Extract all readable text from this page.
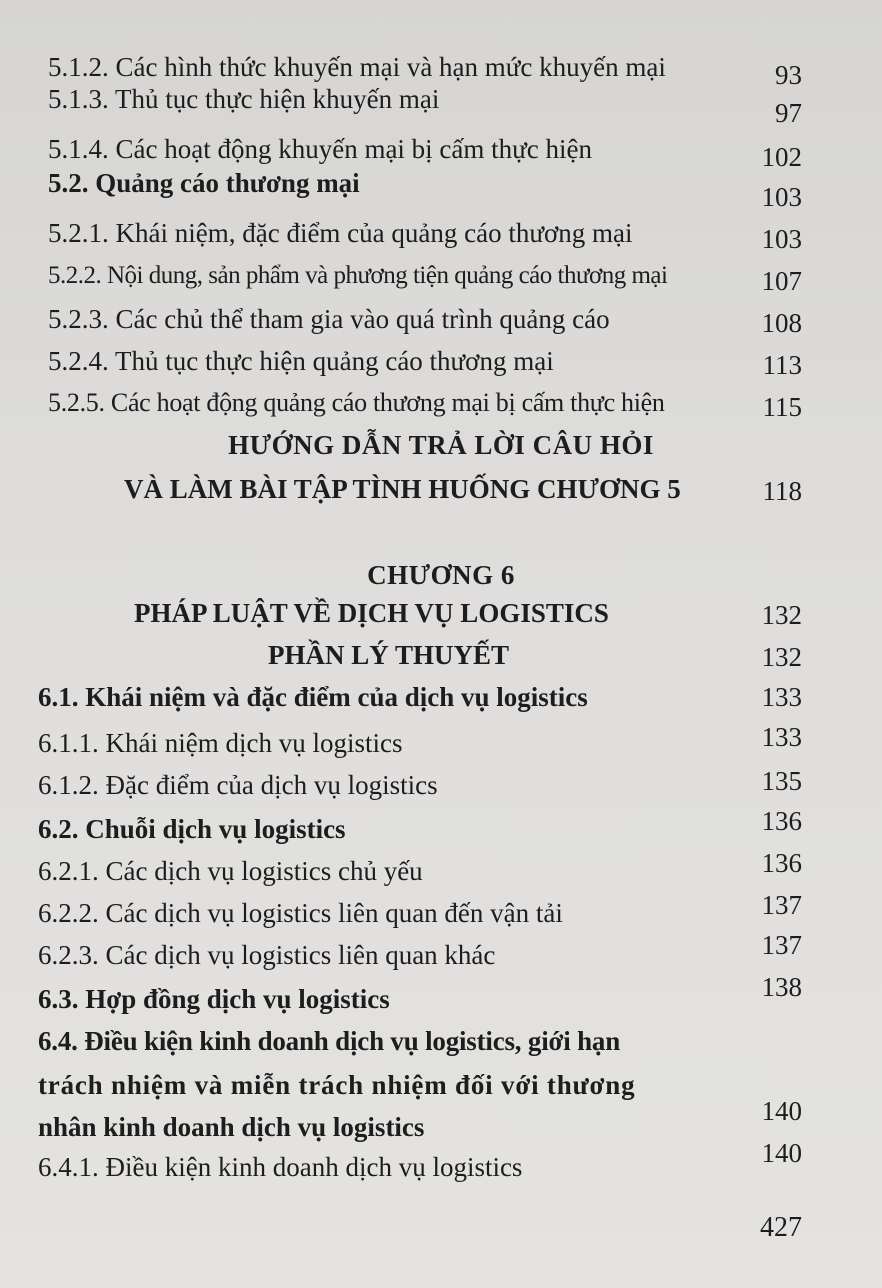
5.1.2. Các hình thức khuyến mại và hạn mức khuyến mại	93
5.1.3. Thủ tục thực hiện khuyến mại	97
5.1.4. Các hoạt động khuyến mại bị cấm thực hiện	102
5.2. Quảng cáo thương mại	103
5.2.1. Khái niệm, đặc điểm của quảng cáo thương mại	103
5.2.2. Nội dung, sản phẩm và phương tiện quảng cáo thương mại	107
5.2.3. Các chủ thể tham gia vào quá trình quảng cáo	108
5.2.4. Thủ tục thực hiện quảng cáo thương mại	113
5.2.5. Các hoạt động quảng cáo thương mại bị cấm thực hiện	115
HƯỚNG DẪN TRẢ LỜI CÂU HỎI
VÀ LÀM BÀI TẬP TÌNH HUỐNG CHƯƠNG 5	118
CHƯƠNG 6
PHÁP LUẬT VỀ DỊCH VỤ LOGISTICS	132
PHẦN LÝ THUYẾT	132
6.1. Khái niệm và đặc điểm của dịch vụ logistics	133
6.1.1. Khái niệm dịch vụ logistics	133
6.1.2. Đặc điểm của dịch vụ logistics	135
6.2. Chuỗi dịch vụ logistics	136
6.2.1. Các dịch vụ logistics chủ yếu	136
6.2.2. Các dịch vụ logistics liên quan đến vận tải	137
6.2.3. Các dịch vụ logistics liên quan khác	137
6.3. Hợp đồng dịch vụ logistics	138
6.4. Điều kiện kinh doanh dịch vụ logistics, giới hạn
trách nhiệm và miễn trách nhiệm đối với thương
nhân kinh doanh dịch vụ logistics
140
6.4.1. Điều kiện kinh doanh dịch vụ logistics	140
427
